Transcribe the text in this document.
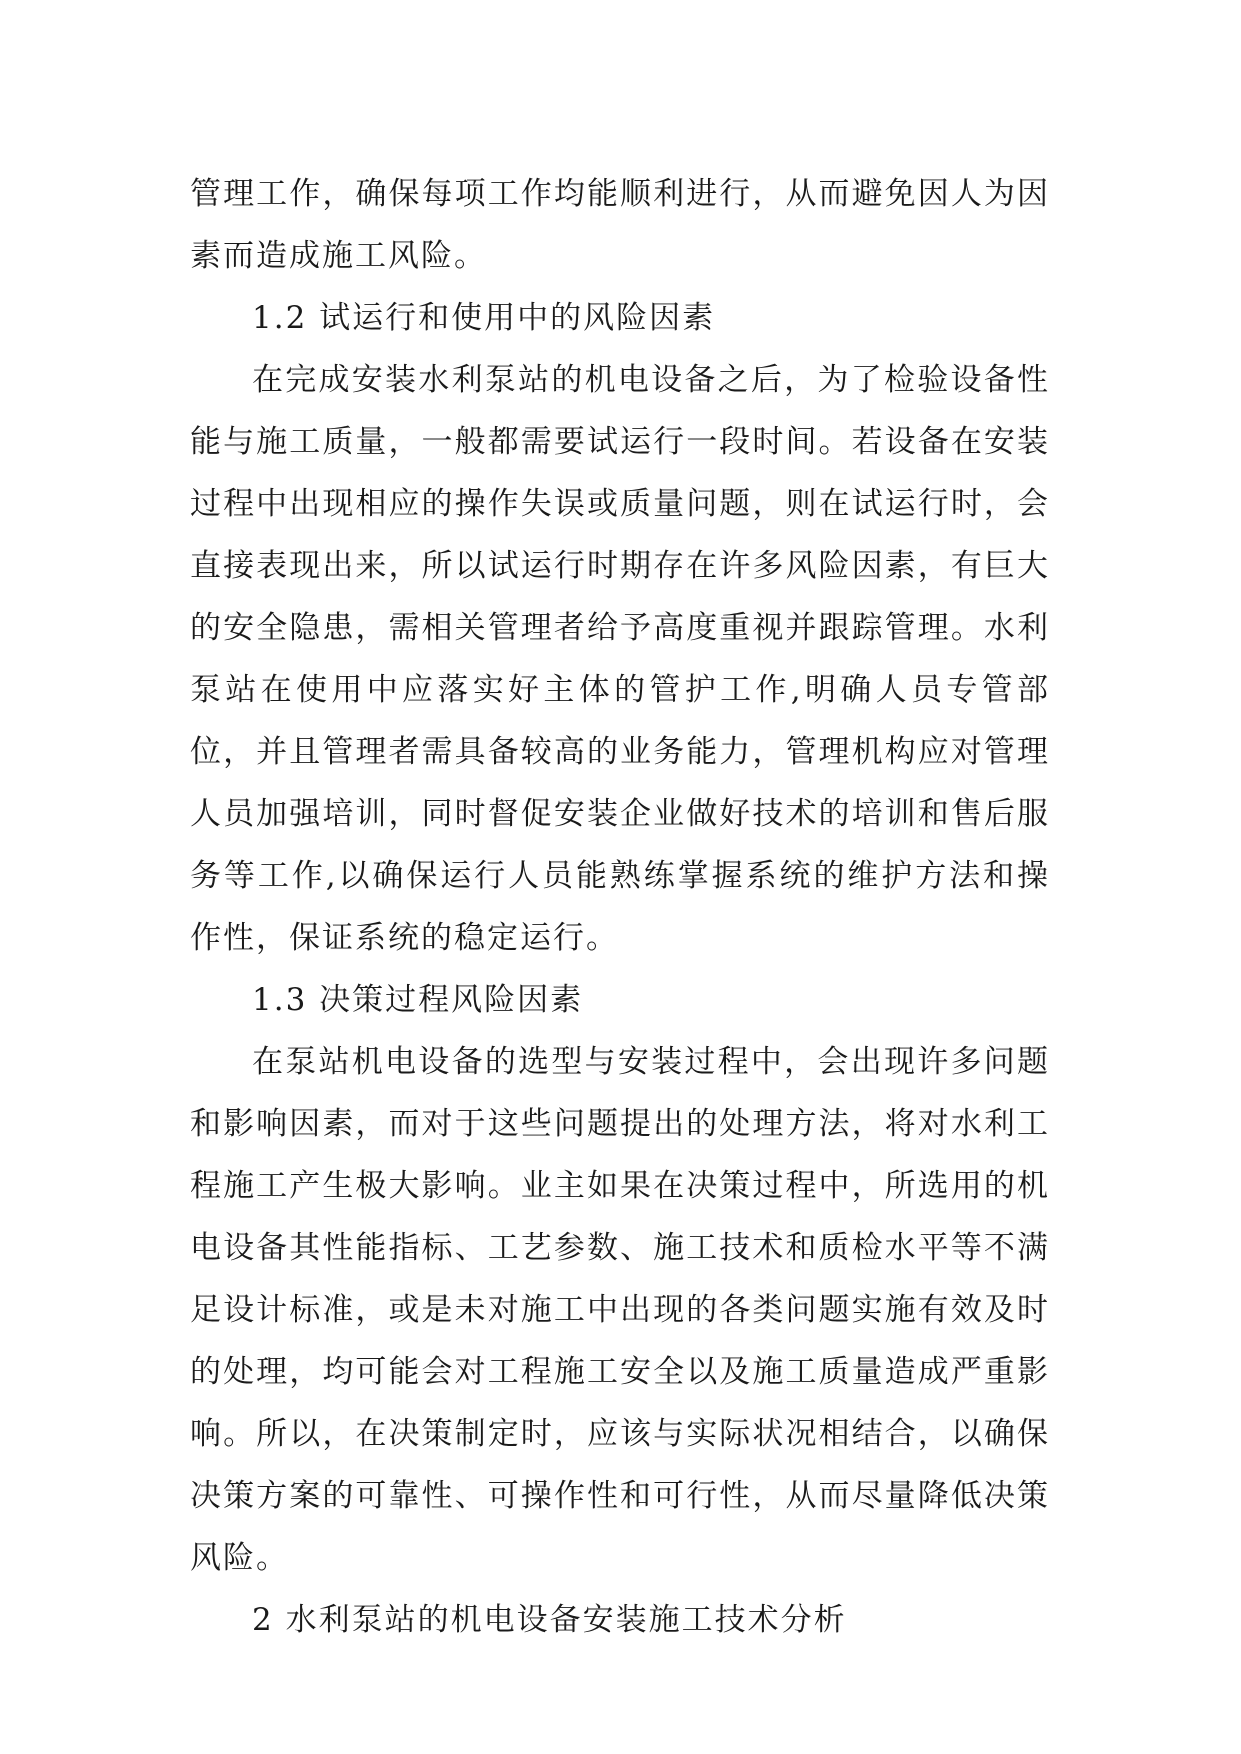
管理工作，确保每项工作均能顺利进行，从而避免因人为因素而造成施工风险。

1.2 试运行和使用中的风险因素

在完成安装水利泵站的机电设备之后，为了检验设备性能与施工质量，一般都需要试运行一段时间。若设备在安装过程中出现相应的操作失误或质量问题，则在试运行时，会直接表现出来，所以试运行时期存在许多风险因素，有巨大的安全隐患，需相关管理者给予高度重视并跟踪管理。水利泵站在使用中应落实好主体的管护工作,明确人员专管部位，并且管理者需具备较高的业务能力，管理机构应对管理人员加强培训，同时督促安装企业做好技术的培训和售后服务等工作,以确保运行人员能熟练掌握系统的维护方法和操作性，保证系统的稳定运行。

1.3 决策过程风险因素

在泵站机电设备的选型与安装过程中，会出现许多问题和影响因素，而对于这些问题提出的处理方法，将对水利工程施工产生极大影响。业主如果在决策过程中，所选用的机电设备其性能指标、工艺参数、施工技术和质检水平等不满足设计标准，或是未对施工中出现的各类问题实施有效及时的处理，均可能会对工程施工安全以及施工质量造成严重影响。所以，在决策制定时，应该与实际状况相结合，以确保决策方案的可靠性、可操作性和可行性，从而尽量降低决策风险。

2 水利泵站的机电设备安装施工技术分析
